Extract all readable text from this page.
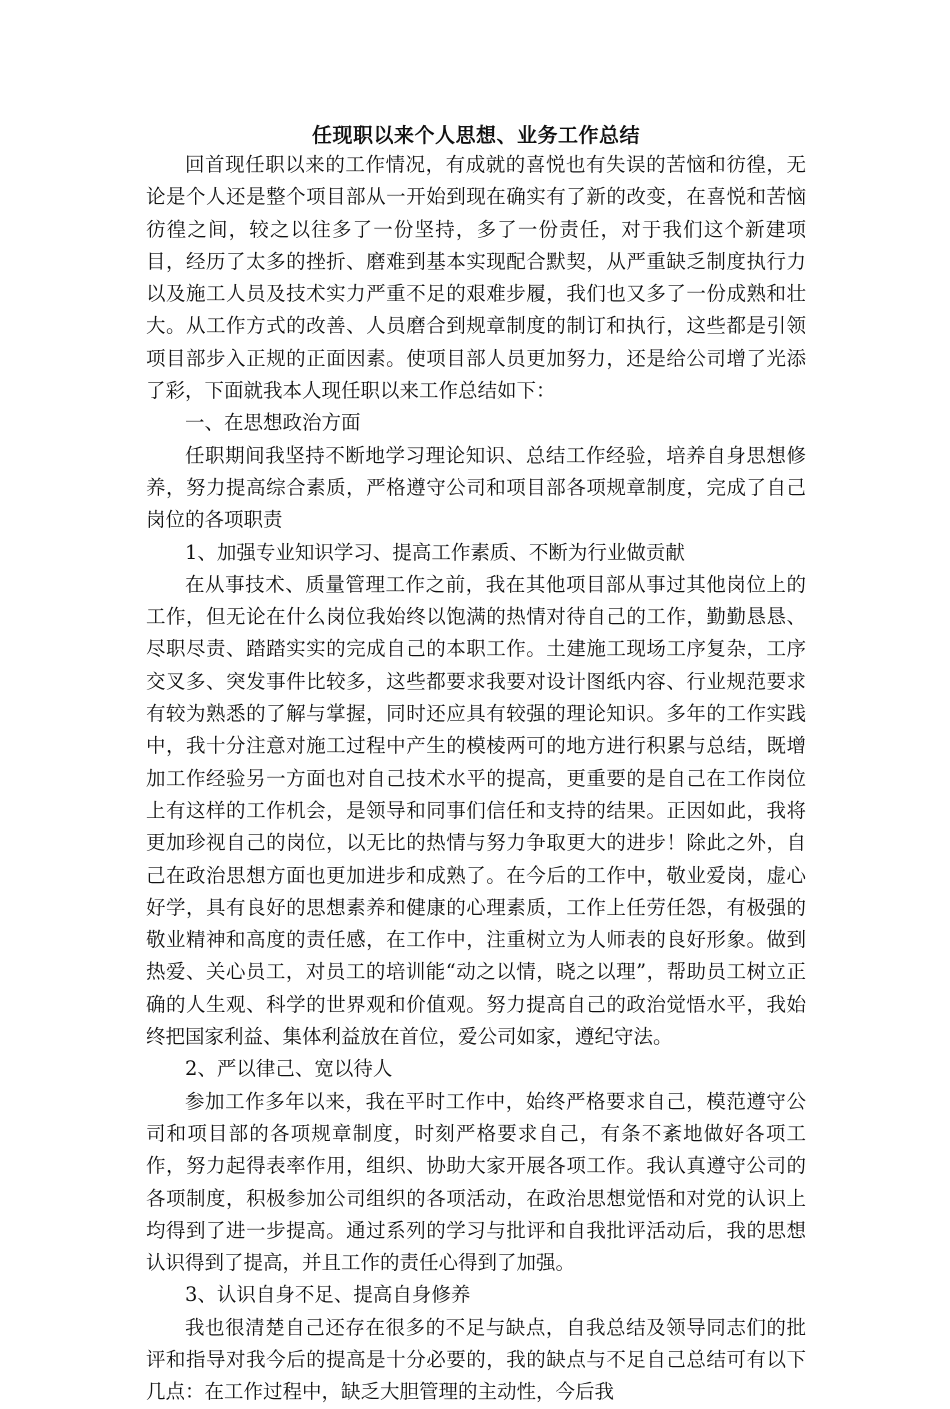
任现职以来个人思想、业务工作总结

回首现任职以来的工作情况，有成就的喜悦也有失误的苦恼和彷徨，无论是个人还是整个项目部从一开始到现在确实有了新的改变，在喜悦和苦恼彷徨之间，较之以往多了一份坚持，多了一份责任，对于我们这个新建项目，经历了太多的挫折、磨难到基本实现配合默契，从严重缺乏制度执行力以及施工人员及技术实力严重不足的艰难步履，我们也又多了一份成熟和壮大。从工作方式的改善、人员磨合到规章制度的制订和执行，这些都是引领项目部步入正规的正面因素。使项目部人员更加努力，还是给公司增了光添了彩，下面就我本人现任职以来工作总结如下：

一、在思想政治方面

任职期间我坚持不断地学习理论知识、总结工作经验，培养自身思想修养，努力提高综合素质，严格遵守公司和项目部各项规章制度，完成了自己岗位的各项职责

1、加强专业知识学习、提高工作素质、不断为行业做贡献

在从事技术、质量管理工作之前，我在其他项目部从事过其他岗位上的工作，但无论在什么岗位我始终以饱满的热情对待自己的工作，勤勤恳恳、尽职尽责、踏踏实实的完成自己的本职工作。土建施工现场工序复杂，工序交叉多、突发事件比较多，这些都要求我要对设计图纸内容、行业规范要求有较为熟悉的了解与掌握，同时还应具有较强的理论知识。多年的工作实践中，我十分注意对施工过程中产生的模棱两可的地方进行积累与总结，既增加工作经验另一方面也对自己技术水平的提高，更重要的是自己在工作岗位上有这样的工作机会，是领导和同事们信任和支持的结果。正因如此，我将更加珍视自己的岗位，以无比的热情与努力争取更大的进步！除此之外，自己在政治思想方面也更加进步和成熟了。在今后的工作中，敬业爱岗，虚心好学，具有良好的思想素养和健康的心理素质，工作上任劳任怨，有极强的敬业精神和高度的责任感，在工作中，注重树立为人师表的良好形象。做到热爱、关心员工，对员工的培训能“动之以情，晓之以理”，帮助员工树立正确的人生观、科学的世界观和价值观。努力提高自己的政治觉悟水平，我始终把国家利益、集体利益放在首位，爱公司如家，遵纪守法。

2、严以律己、宽以待人

参加工作多年以来，我在平时工作中，始终严格要求自己，模范遵守公司和项目部的各项规章制度，时刻严格要求自己，有条不紊地做好各项工作，努力起得表率作用，组织、协助大家开展各项工作。我认真遵守公司的各项制度，积极参加公司组织的各项活动，在政治思想觉悟和对党的认识上均得到了进一步提高。通过系列的学习与批评和自我批评活动后，我的思想认识得到了提高，并且工作的责任心得到了加强。

3、认识自身不足、提高自身修养

我也很清楚自己还存在很多的不足与缺点，自我总结及领导同志们的批评和指导对我今后的提高是十分必要的，我的缺点与不足自己总结可有以下几点：在工作过程中，缺乏大胆管理的主动性，今后我
